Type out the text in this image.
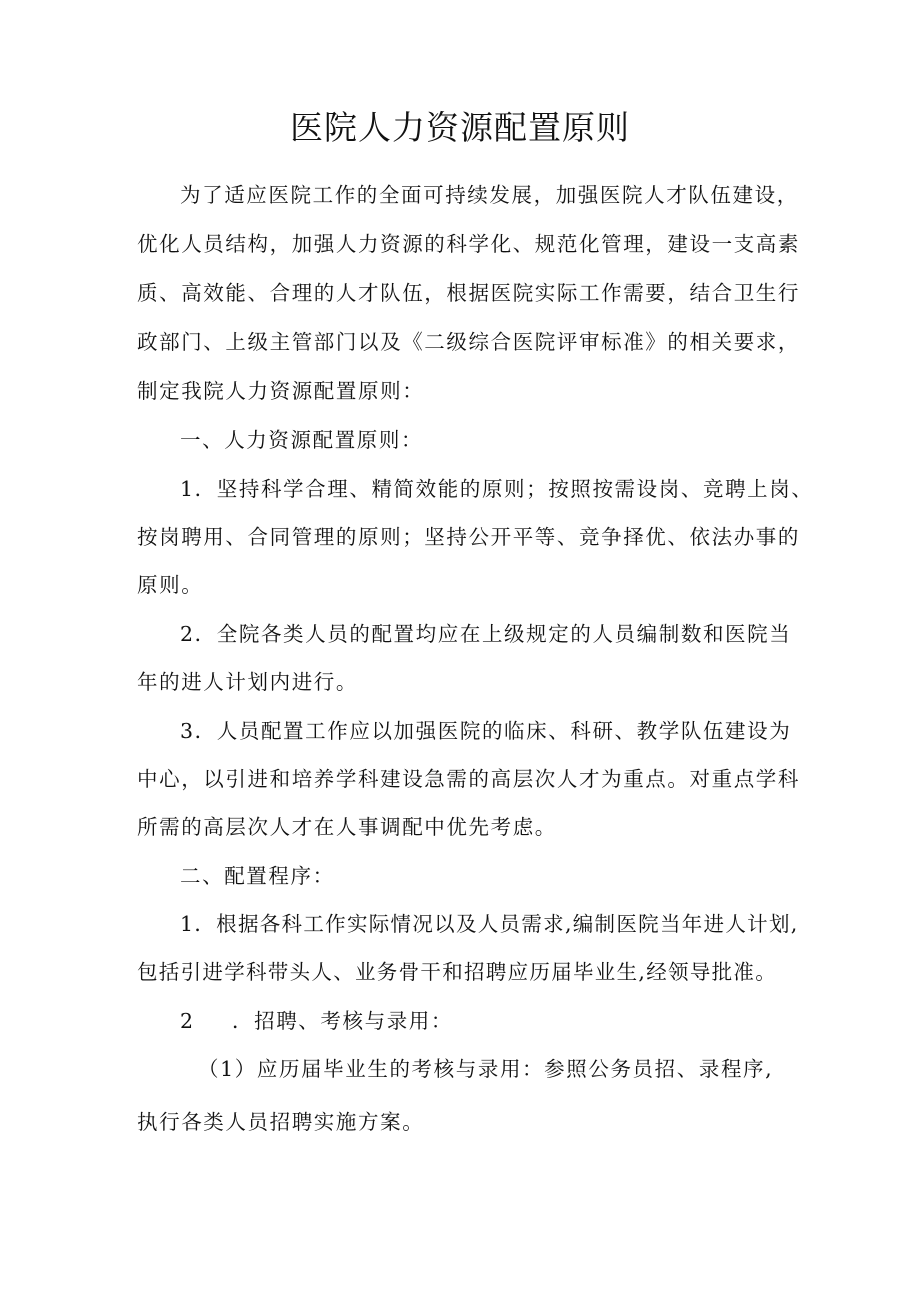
医院人力资源配置原则
为了适应医院工作的全面可持续发展，加强医院人才队伍建设，
优化人员结构，加强人力资源的科学化、规范化管理，建设一支高素
质、高效能、合理的人才队伍，根据医院实际工作需要，结合卫生行
政部门、上级主管部门以及《二级综合医院评审标准》的相关要求，
制定我院人力资源配置原则：
一、人力资源配置原则：
1．坚持科学合理、精简效能的原则；按照按需设岗、竞聘上岗、
按岗聘用、合同管理的原则；坚持公开平等、竞争择优、依法办事的
原则。
2．全院各类人员的配置均应在上级规定的人员编制数和医院当
年的进人计划内进行。
3．人员配置工作应以加强医院的临床、科研、教学队伍建设为
中心，以引进和培养学科建设急需的高层次人才为重点。对重点学科
所需的高层次人才在人事调配中优先考虑。
二、配置程序：
1．根据各科工作实际情况以及人员需求,编制医院当年进人计划,
包括引进学科带头人、业务骨干和招聘应历届毕业生,经领导批准。
2 ．招聘、考核与录用：
（1）应历届毕业生的考核与录用：参照公务员招、录程序,
执行各类人员招聘实施方案。
